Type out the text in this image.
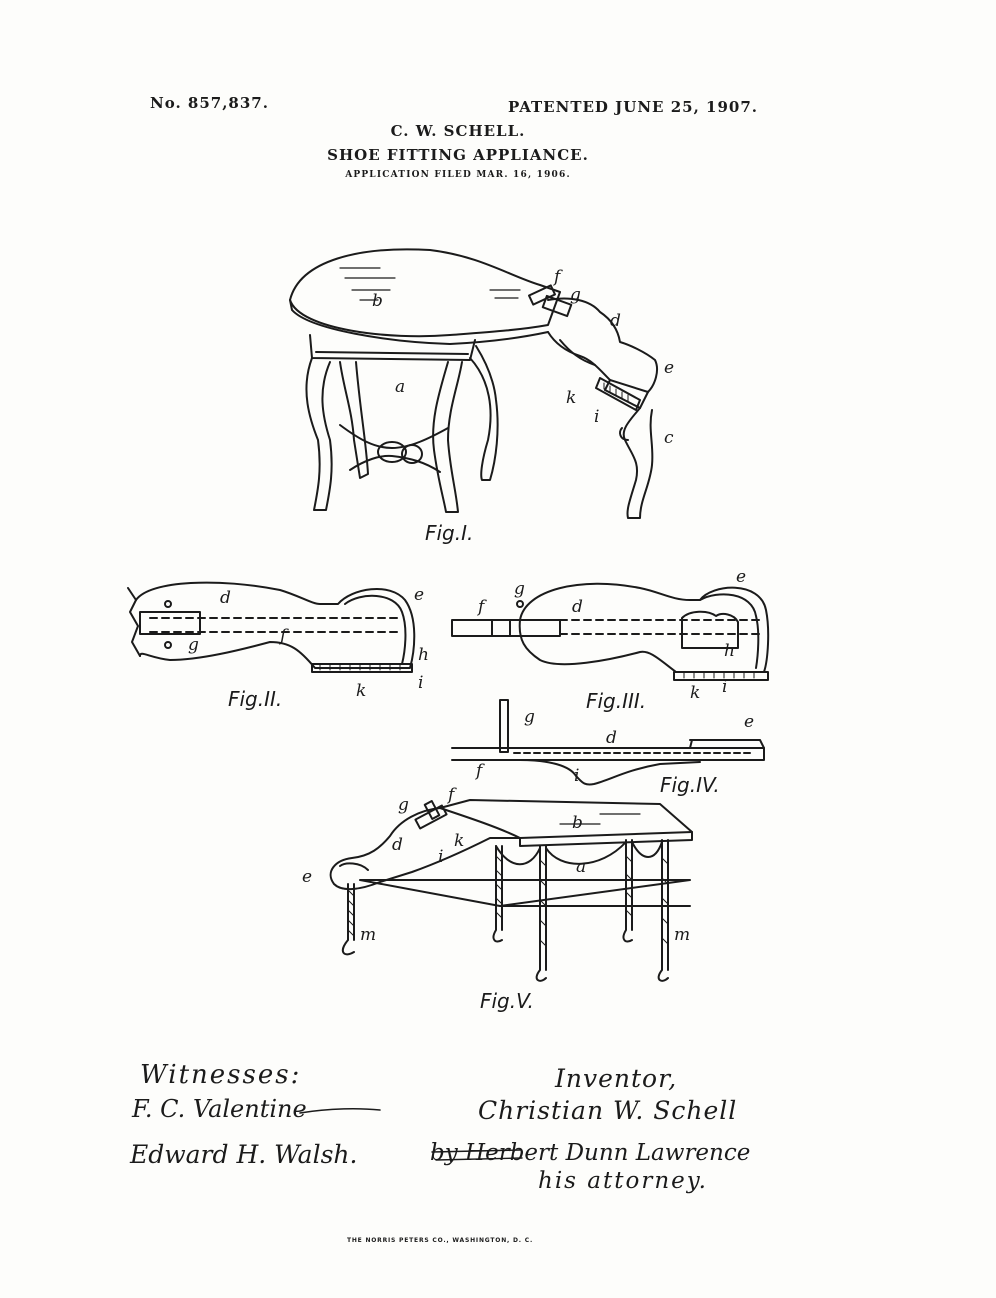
No. 857,837.	PATENTED JUNE 25, 1907.
C. W. SCHELL.
SHOE FITTING APPLIANCE.
APPLICATION FILED MAR. 16, 1906.
a
b
c
d
e
f
g
i
k
Fig.I.
d	e
f
g	h
i
k
Fig.II.
d
e
f
g
h
i
k
Fig.III.
d
e
f
g
i	Fig.IV.
a
b
d
e
f
g
i
k
m	m
Fig.V.
Witnesses:
F. C. Valentine
Edward H. Walsh.
Inventor,
Christian W. Schell
by Herbert Dunn Lawrence
his attorney.
THE NORRIS PETERS CO., WASHINGTON, D. C.
